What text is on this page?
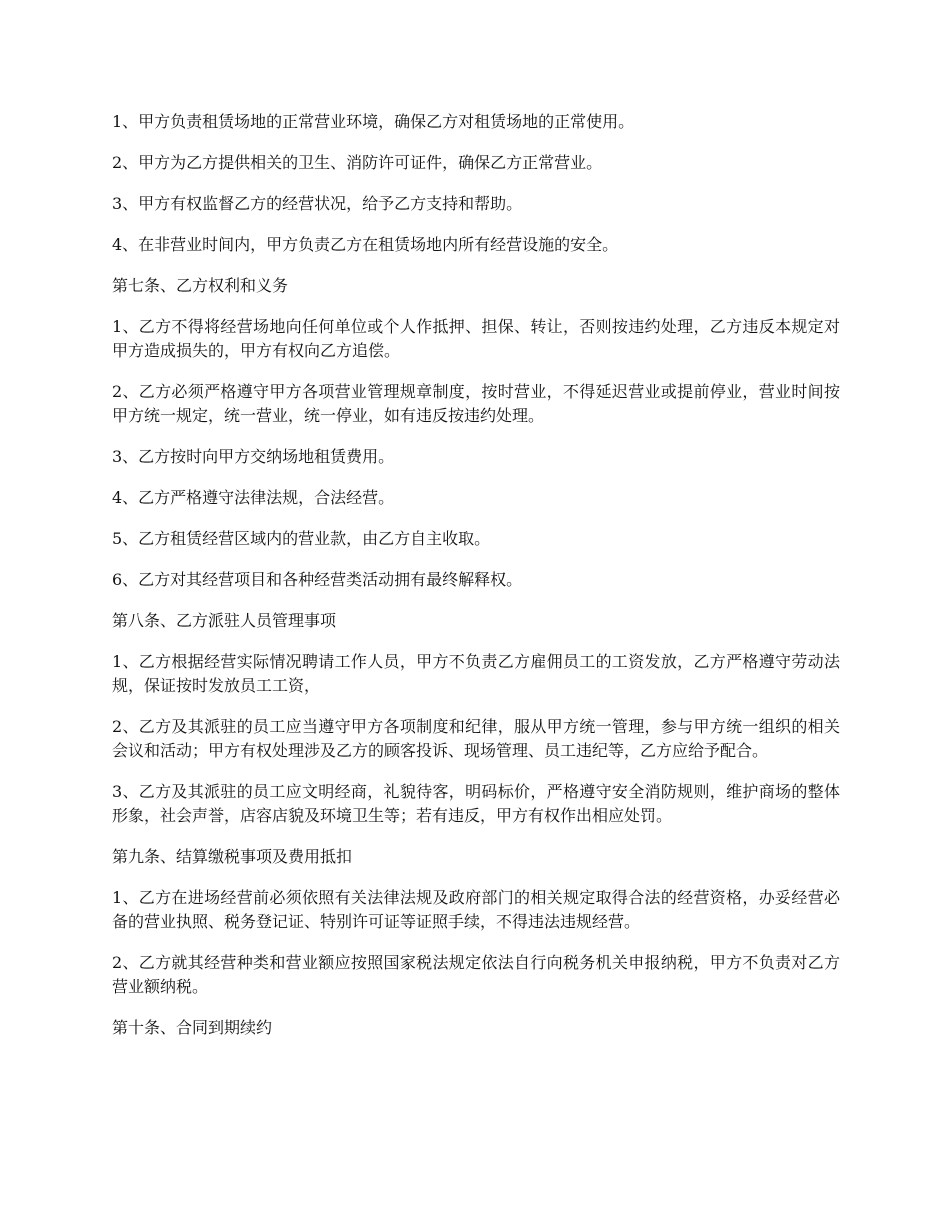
1、甲方负责租赁场地的正常营业环境，确保乙方对租赁场地的正常使用。

2、甲方为乙方提供相关的卫生、消防许可证件，确保乙方正常营业。

3、甲方有权监督乙方的经营状况，给予乙方支持和帮助。

4、在非营业时间内，甲方负责乙方在租赁场地内所有经营设施的安全。

第七条、乙方权利和义务

1、乙方不得将经营场地向任何单位或个人作抵押、担保、转让，否则按违约处理，乙方违反本规定对甲方造成损失的，甲方有权向乙方追偿。

2、乙方必须严格遵守甲方各项营业管理规章制度，按时营业，不得延迟营业或提前停业，营业时间按甲方统一规定，统一营业，统一停业，如有违反按违约处理。

3、乙方按时向甲方交纳场地租赁费用。

4、乙方严格遵守法律法规，合法经营。

5、乙方租赁经营区域内的营业款，由乙方自主收取。

6、乙方对其经营项目和各种经营类活动拥有最终解释权。

第八条、乙方派驻人员管理事项

1、乙方根据经营实际情况聘请工作人员，甲方不负责乙方雇佣员工的工资发放，乙方严格遵守劳动法规，保证按时发放员工工资，

2、乙方及其派驻的员工应当遵守甲方各项制度和纪律，服从甲方统一管理，参与甲方统一组织的相关会议和活动；甲方有权处理涉及乙方的顾客投诉、现场管理、员工违纪等，乙方应给予配合。

3、乙方及其派驻的员工应文明经商，礼貌待客，明码标价，严格遵守安全消防规则，维护商场的整体形象，社会声誉，店容店貌及环境卫生等；若有违反，甲方有权作出相应处罚。

第九条、结算缴税事项及费用抵扣

1、乙方在进场经营前必须依照有关法律法规及政府部门的相关规定取得合法的经营资格，办妥经营必备的营业执照、税务登记证、特别许可证等证照手续，不得违法违规经营。

2、乙方就其经营种类和营业额应按照国家税法规定依法自行向税务机关申报纳税，甲方不负责对乙方营业额纳税。

第十条、合同到期续约
